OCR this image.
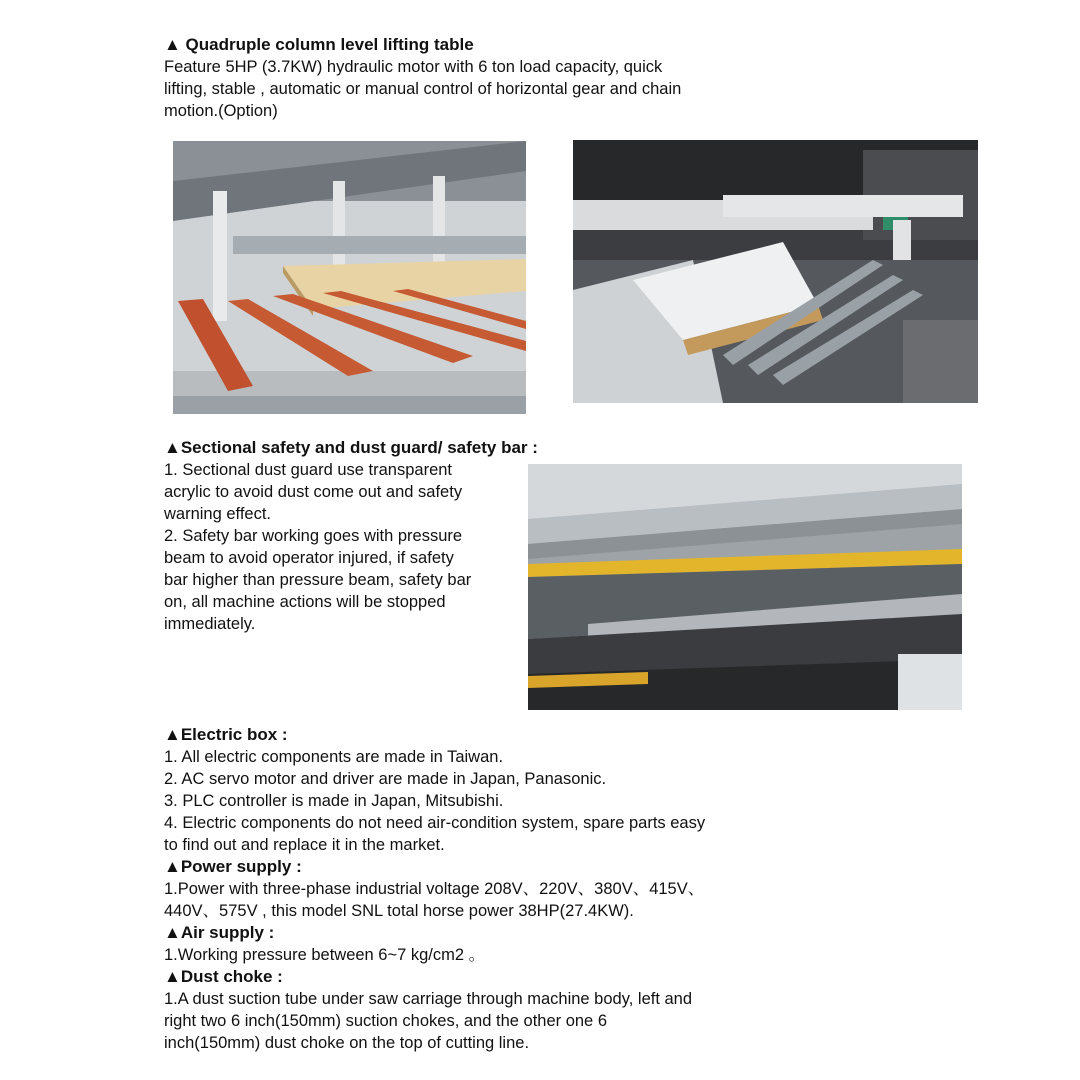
▲ Quadruple column level lifting table
Feature 5HP (3.7KW) hydraulic motor with 6 ton load capacity, quick
lifting, stable , automatic or manual control of horizontal gear and chain
motion.(Option)
▲Sectional safety and dust guard/ safety bar :
1. Sectional dust guard use transparent
acrylic to avoid dust come out and safety
warning effect.
2. Safety bar working goes with pressure
beam to avoid operator injured, if safety
bar higher than pressure beam, safety bar
on, all machine actions will be stopped
immediately.
▲Electric box :
1. All electric components are made in Taiwan.
2. AC servo motor and driver are made in Japan, Panasonic.
3. PLC controller is made in Japan, Mitsubishi.
4. Electric components do not need air-condition system, spare parts easy
to find out and replace it in the market.
▲Power supply :
1.Power with three-phase industrial voltage 208V、220V、380V、415V、
440V、575V , this model SNL total horse power 38HP(27.4KW).
▲Air supply :
1.Working pressure between 6~7 kg/cm2 。
▲Dust choke :
1.A dust suction tube under saw carriage through machine body, left and
right two 6 inch(150mm) suction chokes, and the other one 6
inch(150mm) dust choke on the top of cutting line.
